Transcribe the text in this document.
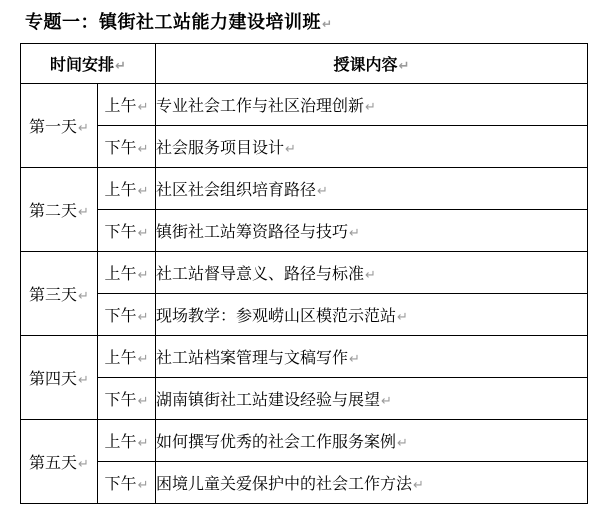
专题一：镇街社工站能力建设培训班↵
时间安排↵		授课内容↵
第一天↵	上午↵	专业社会工作与社区治理创新↵
	下午↵	社会服务项目设计↵
第二天↵	上午↵	社区社会组织培育路径↵
	下午↵	镇街社工站筹资路径与技巧↵
第三天↵	上午↵	社工站督导意义、路径与标准↵
	下午↵	现场教学：参观崂山区模范示范站↵
第四天↵	上午↵	社工站档案管理与文稿写作↵
	下午↵	湖南镇街社工站建设经验与展望↵
第五天↵	上午↵	如何撰写优秀的社会工作服务案例↵
	下午↵	困境儿童关爱保护中的社会工作方法↵
